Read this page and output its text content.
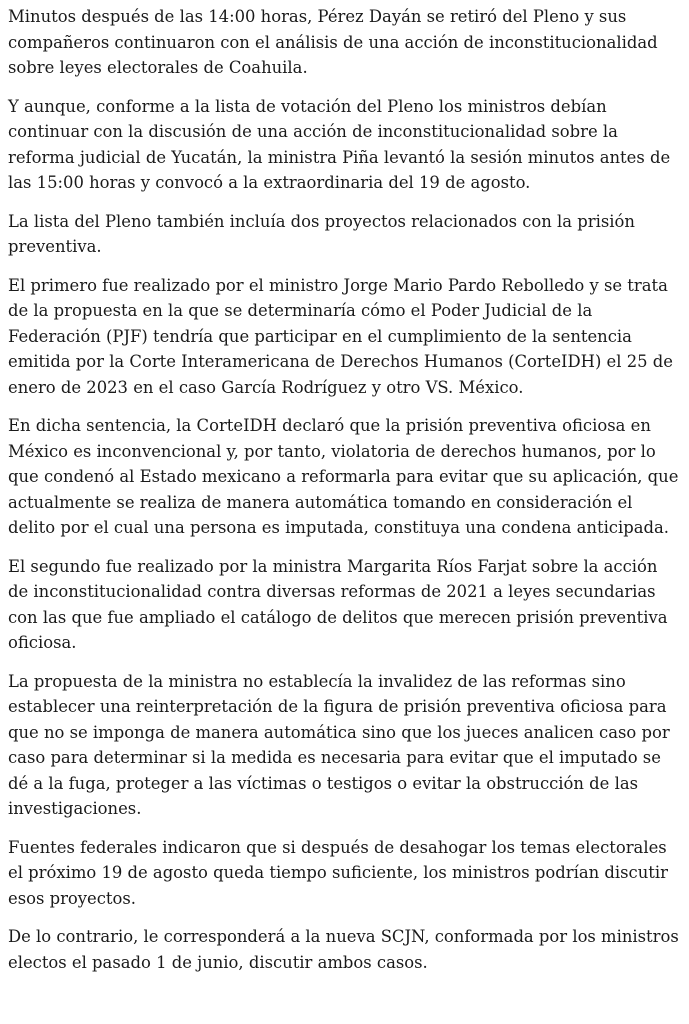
Minutos después de las 14:00 horas, Pérez Dayán se retiró del Pleno y sus compañeros continuaron con el análisis de una acción de inconstitucionalidad sobre leyes electorales de Coahuila.

Y aunque, conforme a la lista de votación del Pleno los ministros debían continuar con la discusión de una acción de inconstitucionalidad sobre la reforma judicial de Yucatán, la ministra Piña levantó la sesión minutos antes de las 15:00 horas y convocó a la extraordinaria del 19 de agosto.

La lista del Pleno también incluía dos proyectos relacionados con la prisión preventiva.

El primero fue realizado por el ministro Jorge Mario Pardo Rebolledo y se trata de la propuesta en la que se determinaría cómo el Poder Judicial de la Federación (PJF) tendría que participar en el cumplimiento de la sentencia emitida por la Corte Interamericana de Derechos Humanos (CorteIDH) el 25 de enero de 2023 en el caso García Rodríguez y otro VS. México.

En dicha sentencia, la CorteIDH declaró que la prisión preventiva oficiosa en México es inconvencional y, por tanto, violatoria de derechos humanos, por lo que condenó al Estado mexicano a reformarla para evitar que su aplicación, que actualmente se realiza de manera automática tomando en consideración el delito por el cual una persona es imputada, constituya una condena anticipada.

El segundo fue realizado por la ministra Margarita Ríos Farjat sobre la acción de inconstitucionalidad contra diversas reformas de 2021 a leyes secundarias con las que fue ampliado el catálogo de delitos que merecen prisión preventiva oficiosa.

La propuesta de la ministra no establecía la invalidez de las reformas sino establecer una reinterpretación de la figura de prisión preventiva oficiosa para que no se imponga de manera automática sino que los jueces analicen caso por caso para determinar si la medida es necesaria para evitar que el imputado se dé a la fuga, proteger a las víctimas o testigos o evitar la obstrucción de las investigaciones.

Fuentes federales indicaron que si después de desahogar los temas electorales el próximo 19 de agosto queda tiempo suficiente, los ministros podrían discutir esos proyectos.

De lo contrario, le corresponderá a la nueva SCJN, conformada por los ministros electos el pasado 1 de junio, discutir ambos casos.
